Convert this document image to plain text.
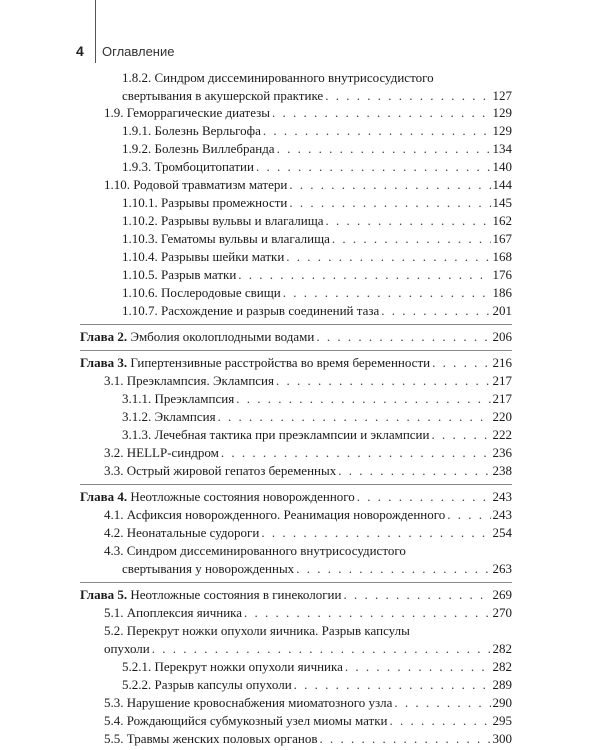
4 Оглавление
1.8.2. Синдром диссеминированного внутрисосудистого
свертывания в акушерской практике . . .	127
1.9. Геморрагические диатезы . . .	129
1.9.1. Болезнь Верльгофа . . .	129
1.9.2. Болезнь Виллебранда . . .	134
1.9.3. Тромбоцитопатии . . .	140
1.10. Родовой травматизм матери . . .	144
1.10.1. Разрывы промежности . . .	145
1.10.2. Разрывы вульвы и влагалища . . .	162
1.10.3. Гематомы вульвы и влагалища . . .	167
1.10.4. Разрывы шейки матки . . .	168
1.10.5. Разрыв матки . . .	176
1.10.6. Послеродовые свищи . . .	186
1.10.7. Расхождение и разрыв соединений таза . . .	201
Глава 2. Эмболия околоплодными водами . . .	206
Глава 3. Гипертензивные расстройства во время беременности . . .	216
3.1. Преэклампсия. Эклампсия . . .	217
3.1.1. Преэклампсия . . .	217
3.1.2. Эклампсия . . .	220
3.1.3. Лечебная тактика при преэклампсии и эклампсии . . .	222
3.2. HELLP-синдром . . .	236
3.3. Острый жировой гепатоз беременных . . .	238
Глава 4. Неотложные состояния новорожденного . . .	243
4.1. Асфиксия новорожденного. Реанимация новорожденного . . .	243
4.2. Неонатальные судороги . . .	254
4.3. Синдром диссеминированного внутрисосудистого
свертывания у новорожденных . . .	263
Глава 5. Неотложные состояния в гинекологии . . .	269
5.1. Апоплексия яичника . . .	270
5.2. Перекрут ножки опухоли яичника. Разрыв капсулы
опухоли . . .	282
5.2.1. Перекрут ножки опухоли яичника . . .	282
5.2.2. Разрыв капсулы опухоли . . .	289
5.3. Нарушение кровоснабжения миоматозного узла . . .	290
5.4. Рождающийся субмукозный узел миомы матки . . .	295
5.5. Травмы женских половых органов . . .	300
